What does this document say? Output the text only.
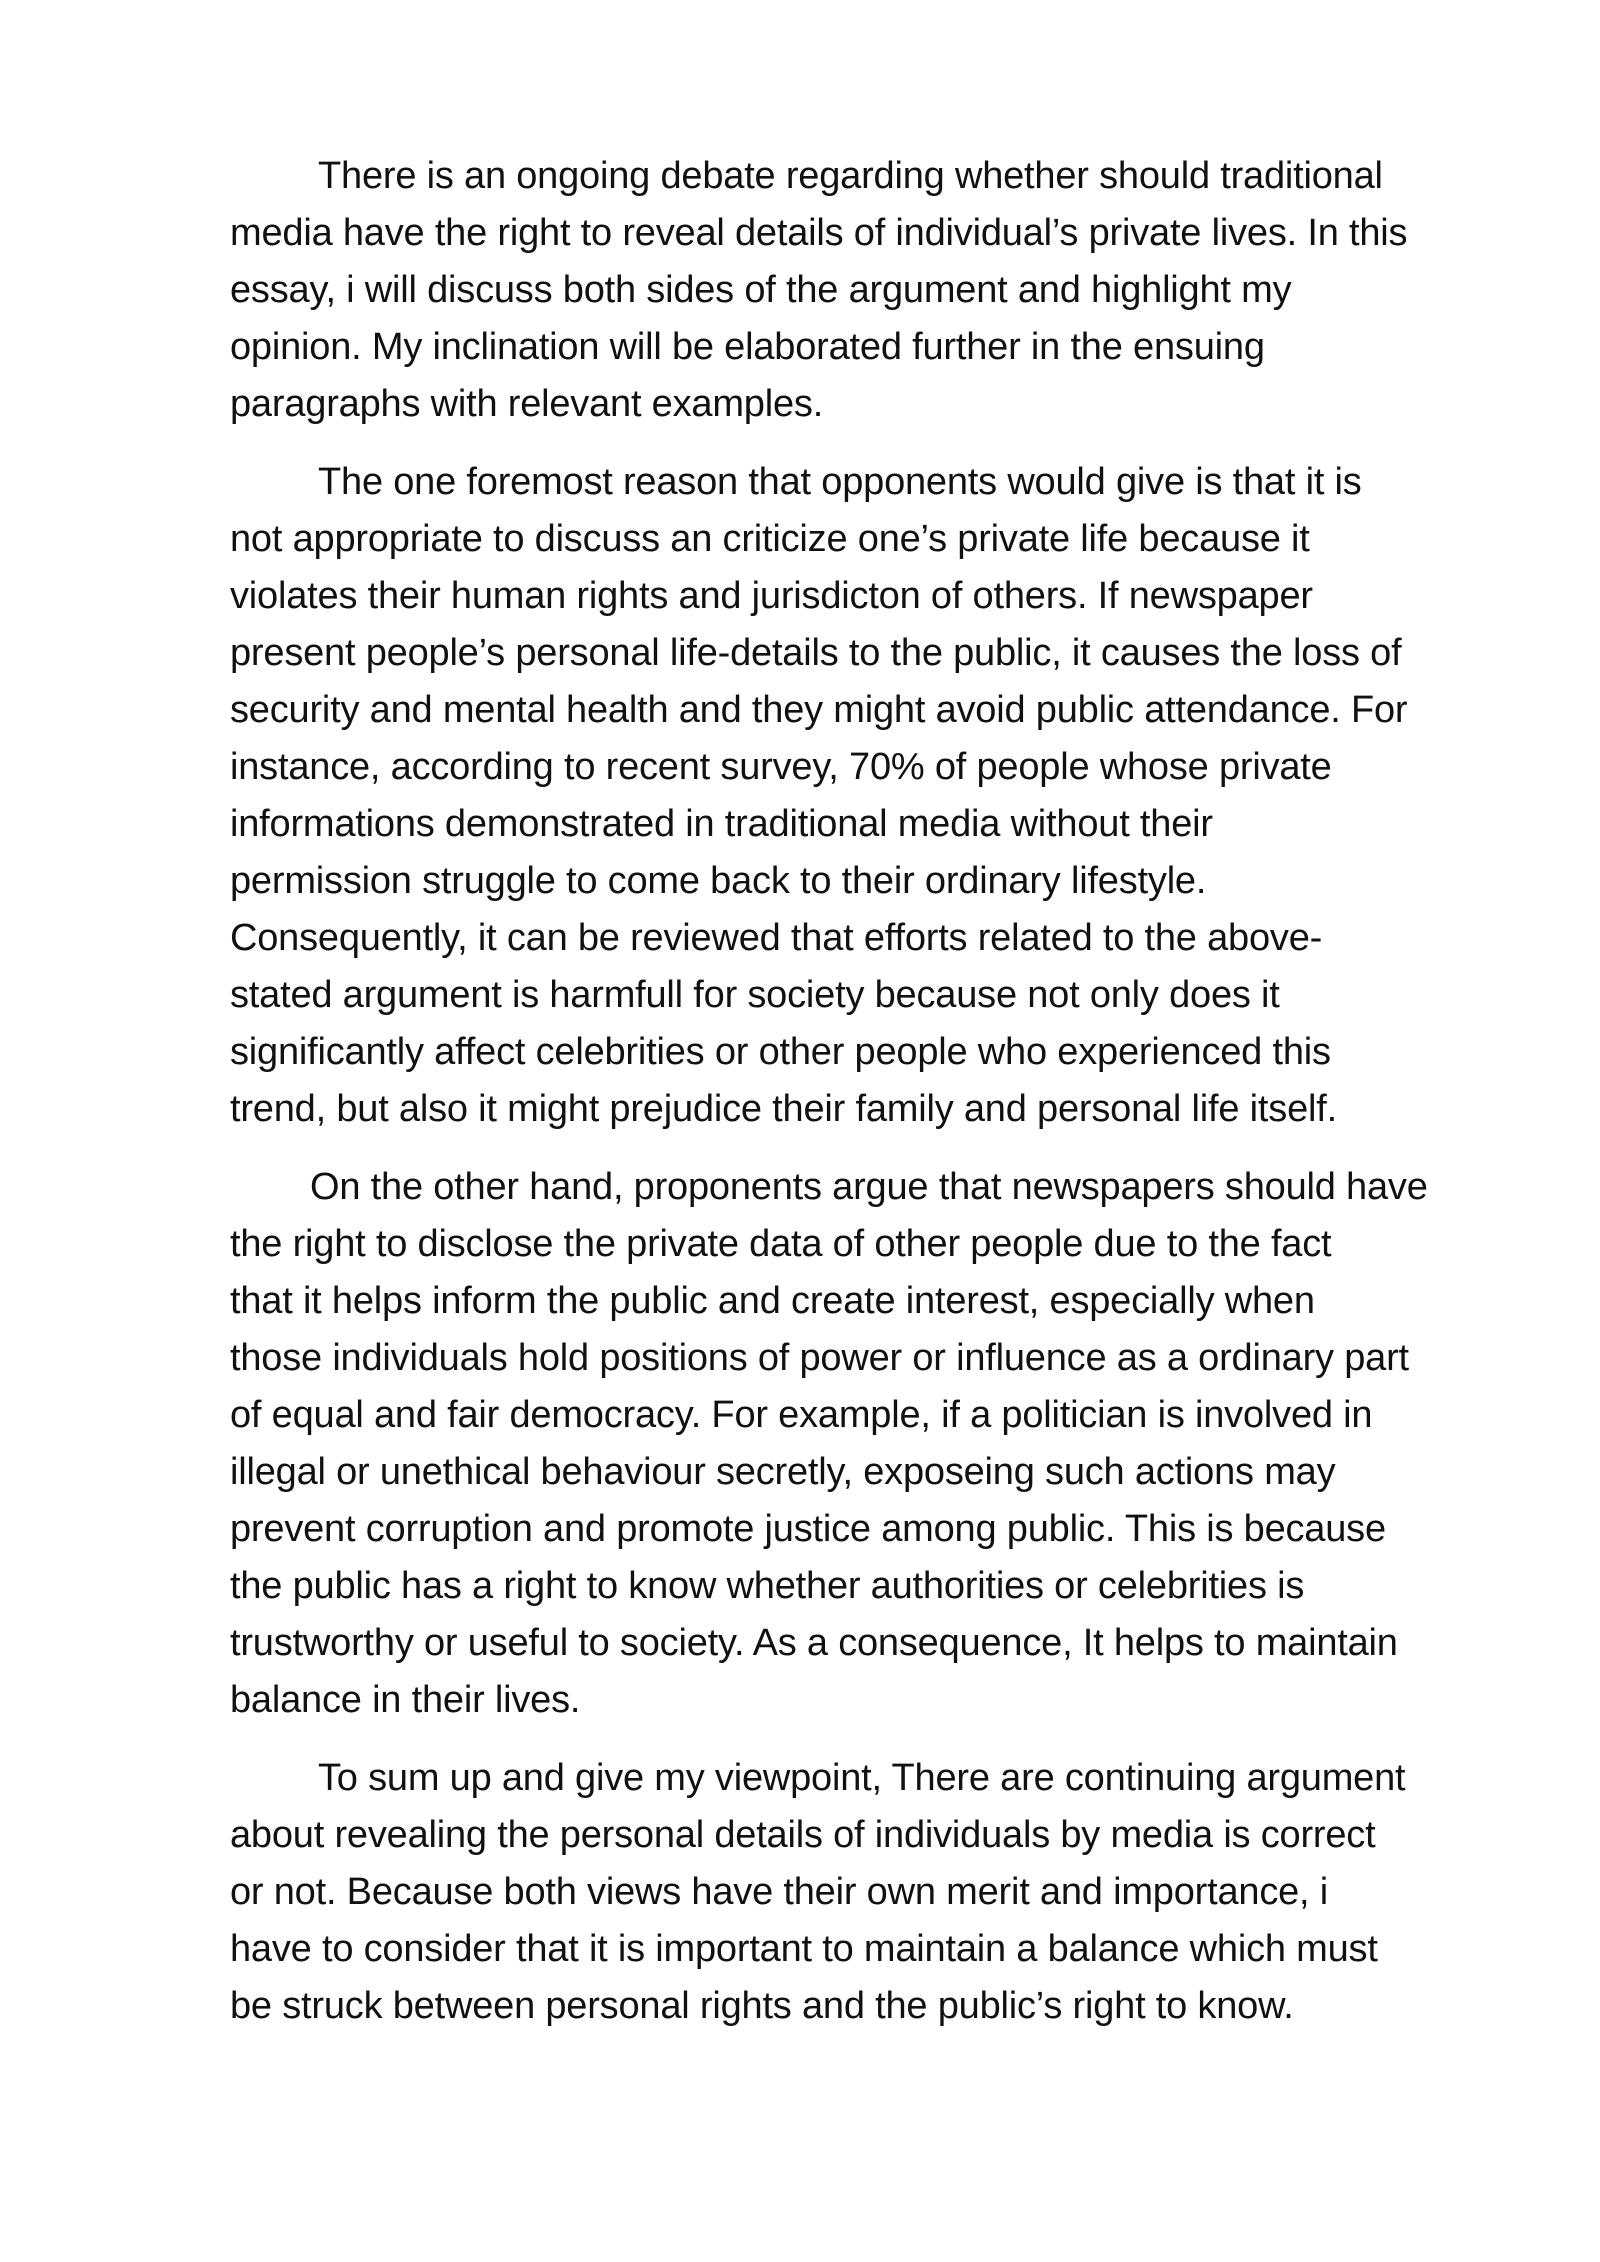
There is an ongoing debate regarding whether should traditional
media have the right to reveal details of individual’s private lives. In this
essay, i will discuss both sides of the argument and highlight my
opinion. My inclination will be elaborated further in the ensuing
paragraphs with relevant examples.
The one foremost reason that opponents would give is that it is
not appropriate to discuss an criticize one’s private life because it
violates their human rights and jurisdicton of others. If newspaper
present people’s personal life-details to the public, it causes the loss of
security and mental health and they might avoid public attendance. For
instance, according to recent survey, 70% of people whose private
informations demonstrated in traditional media without their
permission struggle to come back to their ordinary lifestyle.
Consequently, it can be reviewed that efforts related to the above-
stated argument is harmfull for society because not only does it
significantly affect celebrities or other people who experienced this
trend, but also it might prejudice their family and personal life itself.
On the other hand, proponents argue that newspapers should have
the right to disclose the private data of other people due to the fact
that it helps inform the public and create interest, especially when
those individuals hold positions of power or influence as a ordinary part
of equal and fair democracy. For example, if a politician is involved in
illegal or unethical behaviour secretly, exposeing such actions may
prevent corruption and promote justice among public. This is because
the public has a right to know whether authorities or celebrities is
trustworthy or useful to society. As a consequence, It helps to maintain
balance in their lives.
To sum up and give my viewpoint, There are continuing argument
about revealing the personal details of individuals by media is correct
or not. Because both views have their own merit and importance, i
have to consider that it is important to maintain a balance which must
be struck between personal rights and the public’s right to know.
